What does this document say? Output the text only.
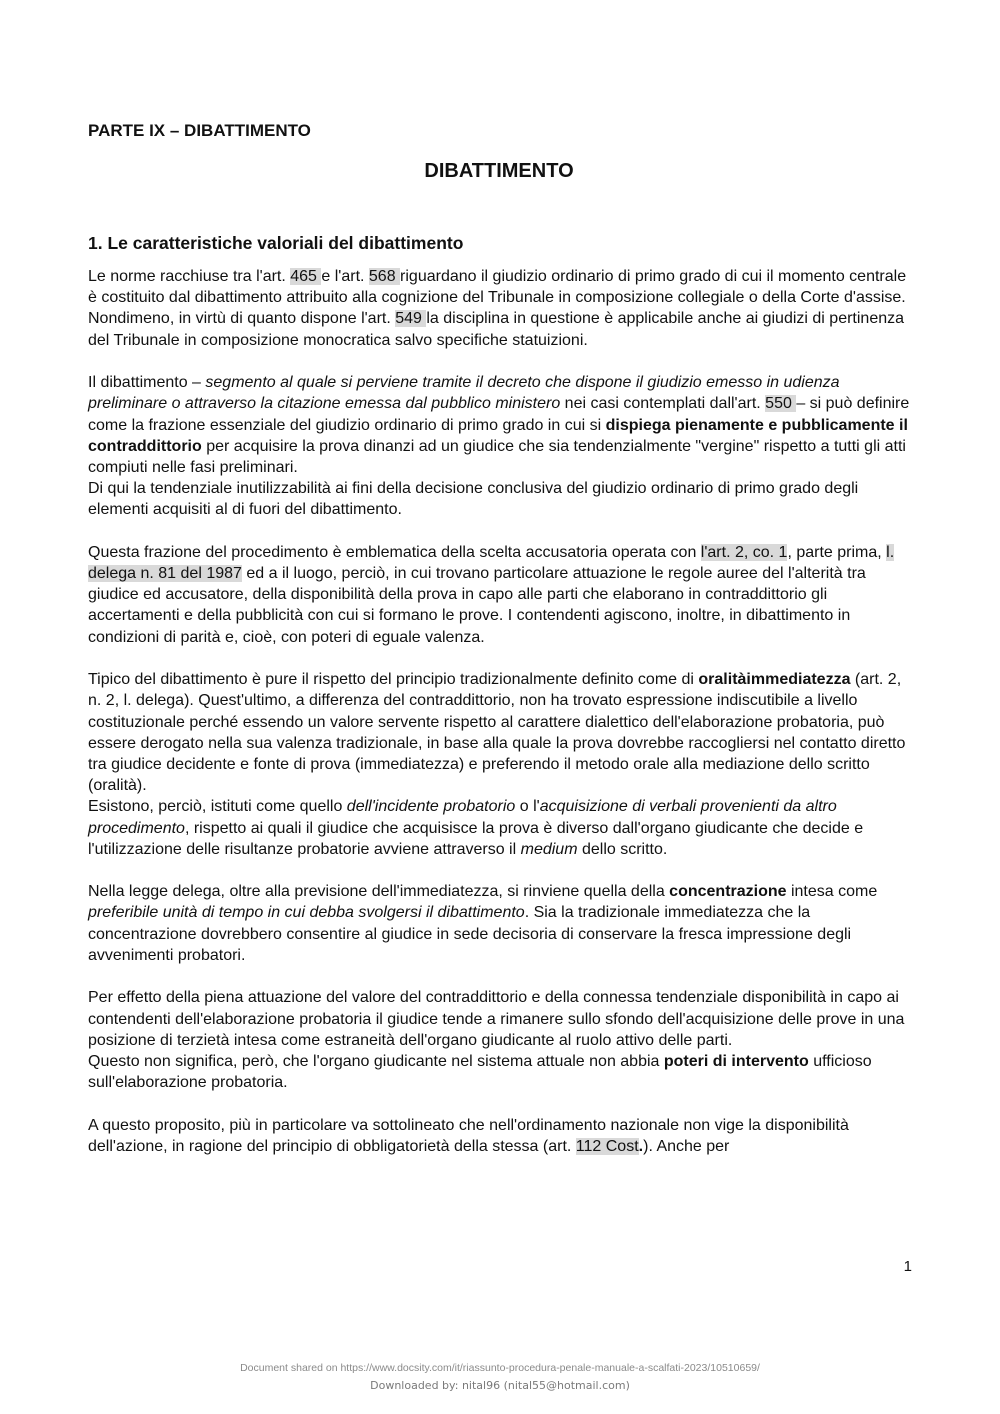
PARTE IX – DIBATTIMENTO
DIBATTIMENTO
1. Le caratteristiche valoriali del dibattimento

Le norme racchiuse tra l'art. 465 e l'art. 568 riguardano il giudizio ordinario di primo grado di cui il momento centrale è costituito dal dibattimento attribuito alla cognizione del Tribunale in composizione collegiale o della Corte d'assise. Nondimeno, in virtù di quanto dispone l'art. 549 la disciplina in questione è applicabile anche ai giudizi di pertinenza del Tribunale in composizione monocratica salvo specifiche statuizioni.

Il dibattimento – segmento al quale si perviene tramite il decreto che dispone il giudizio emesso in udienza preliminare o attraverso la citazione emessa dal pubblico ministero nei casi contemplati dall'art. 550 – si può definire come la frazione essenziale del giudizio ordinario di primo grado in cui si dispiega pienamente e pubblicamente il contraddittorio per acquisire la prova dinanzi ad un giudice che sia tendenzialmente "vergine" rispetto a tutti gli atti compiuti nelle fasi preliminari.

Di qui la tendenziale inutilizzabilità ai fini della decisione conclusiva del giudizio ordinario di primo grado degli elementi acquisiti al di fuori del dibattimento.

Questa frazione del procedimento è emblematica della scelta accusatoria operata con l'art. 2, co. 1, parte prima, l. delega n. 81 del 1987 ed a il luogo, perciò, in cui trovano particolare attuazione le regole auree del l'alterità tra giudice ed accusatore, della disponibilità della prova in capo alle parti che elaborano in contraddittorio gli accertamenti e della pubblicità con cui si formano le prove. I contendenti agiscono, inoltre, in dibattimento in condizioni di parità e, cioè, con poteri di eguale valenza.

Tipico del dibattimento è pure il rispetto del principio tradizionalmente definito come di oralitàimmediatezza (art. 2, n. 2, l. delega). Quest'ultimo, a differenza del contraddittorio, non ha trovato espressione indiscutibile a livello costituzionale perché essendo un valore servente rispetto al carattere dialettico dell'elaborazione probatoria, può essere derogato nella sua valenza tradizionale, in base alla quale la prova dovrebbe raccogliersi nel contatto diretto tra giudice decidente e fonte di prova (immediatezza) e preferendo il metodo orale alla mediazione dello scritto (oralità).

Esistono, perciò, istituti come quello dell'incidente probatorio o l'acquisizione di verbali provenienti da altro procedimento, rispetto ai quali il giudice che acquisisce la prova è diverso dall'organo giudicante che decide e l'utilizzazione delle risultanze probatorie avviene attraverso il medium dello scritto.

Nella legge delega, oltre alla previsione dell'immediatezza, si rinviene quella della concentrazione intesa come preferibile unità di tempo in cui debba svolgersi il dibattimento. Sia la tradizionale immediatezza che la concentrazione dovrebbero consentire al giudice in sede decisoria di conservare la fresca impressione degli avvenimenti probatori.

Per effetto della piena attuazione del valore del contraddittorio e della connessa tendenziale disponibilità in capo ai contendenti dell'elaborazione probatoria il giudice tende a rimanere sullo sfondo dell'acquisizione delle prove in una posizione di terzietà intesa come estraneità dell'organo giudicante al ruolo attivo delle parti.

Questo non significa, però, che l'organo giudicante nel sistema attuale non abbia poteri di intervento ufficioso sull'elaborazione probatoria.

A questo proposito, più in particolare va sottolineato che nell'ordinamento nazionale non vige la disponibilità dell'azione, in ragione del principio di obbligatorietà della stessa (art. 112 Cost.). Anche per

1
Document shared on https://www.docsity.com/it/riassunto-procedura-penale-manuale-a-scalfati-2023/10510659/
Downloaded by: nital96 (nital55@hotmail.com)
